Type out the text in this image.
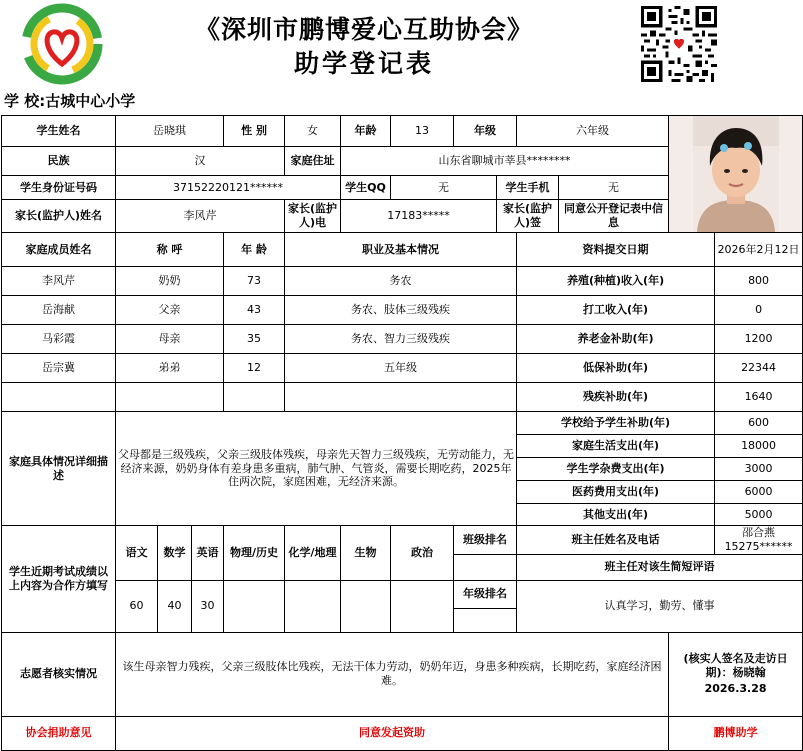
《深圳市鹏博爱心互助协会》
助学登记表
学 校:古城中心小学
学生姓名	岳晓琪			性 别	女	年龄	13	年级		六年级	

民族	汉				家庭住址	山东省聊城市莘县********							
学生身份证号码	37152220121******					学生QQ	无		学生手机		无		
家长(监护人)姓名	李风芹				家长(监护人)电	17183*****			家长(监护人)签		同意公开登记表中信息		
家庭成员姓名	称 呼			年 龄	职业及基本情况					资料提交日期			2026年2月12日
李风芹	奶奶			73	务农					养殖(种植)收入(年)			800
岳海献	父亲			43	务农、肢体三级残疾					打工收入(年)			0
马彩霞	母亲			35	务农、智力三级残疾					养老金补助(年)			1200
岳宗冀	弟弟			12	五年级					低保补助(年)			22344
										残疾补助(年)			1640
家庭具体情况详细描述	父母都是三级残疾，父亲三级肢体残疾，母亲先天智力三级残疾，无劳动能力，无经济来源，奶奶身体有差身患多重病，肺气肿、气管炎，需要长期吃药，2025年住两次院，家庭困难，无经济来源。									学校给予学生补助(年)			600
										家庭生活支出(年)			18000
										学生学杂费支出(年)			3000
										医药费用支出(年)			6000
										其他支出(年)			5000
学生近期考试成绩以上内容为合作方填写	语文	数学	英语	物理/历史	化学/地理	生物	政治	班级排名		班主任姓名及电话			邵合燕
15275******

										班主任对该生简短评语			
	60	40	30					年级排名		认真学习，勤劳、懂事			

志愿者核实情况	该生母亲智力残疾，父亲三级肢体比残疾，无法干体力劳动，奶奶年迈，身患多种疾病，长期吃药，家庭经济困难。											(核实人签名及走访日期)：杨晓翰
2026.3.28	

协会捐助意见	同意发起资助											鹏博助学	
